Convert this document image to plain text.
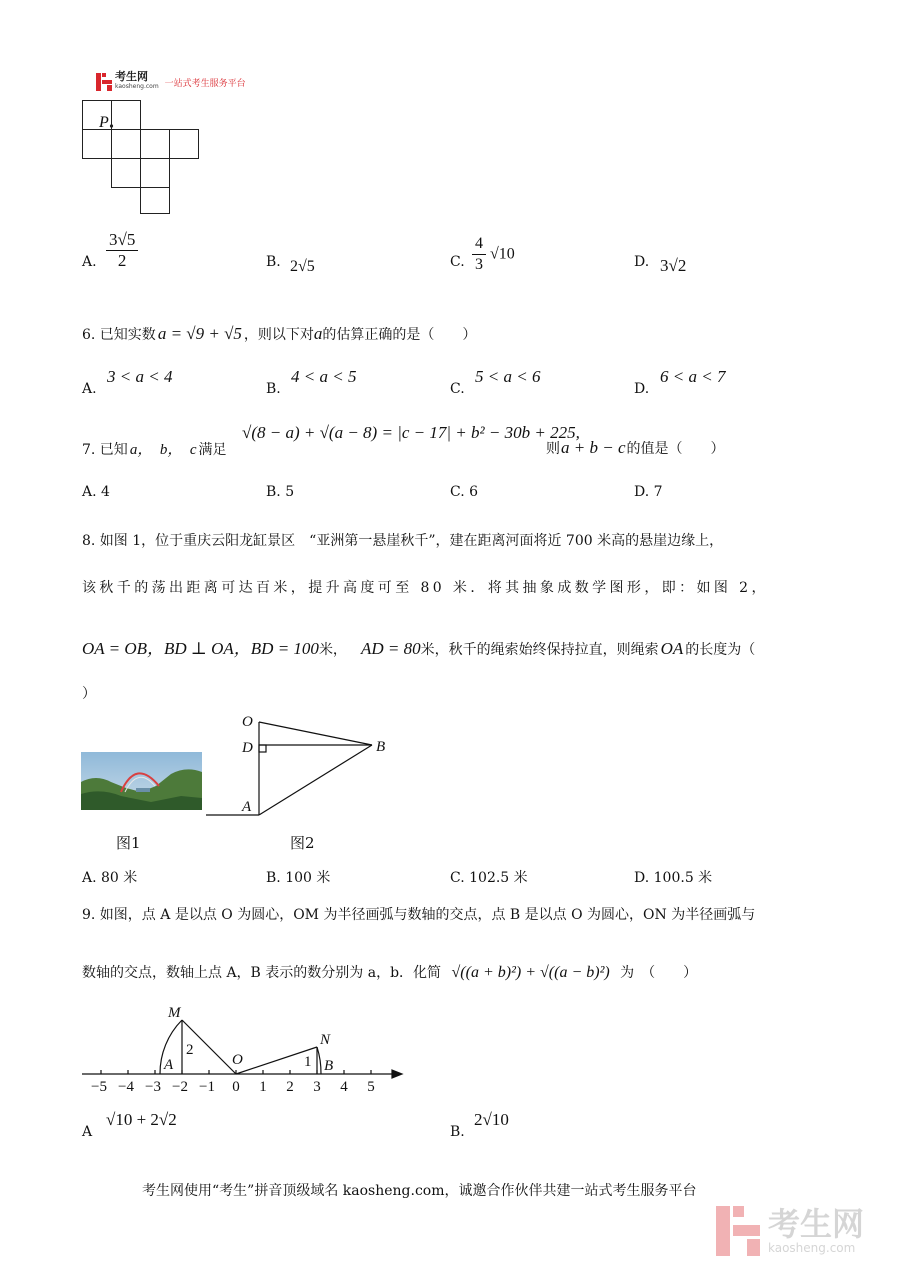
考生网
kaosheng.com 一站式考生服务平台
P
A. $\frac{3√5}{2}$	B. 2√5	C. $\frac{4}{3} √10$	D. 3√2
6. 已知实数 a = √9 + √5 ，则以下对a的估算正确的是（　　）
A.
3 < a < 4
B.
4 < a < 5
C.
5 < a < 6
D.
6 < a < 7
7. 已知 a，　b，　c 满足
√(8 − a) + √(a − 8) = |c − 17| + b² − 30b + 225,
则a + b − c的值是（　　）
A. 4	B. 5	C. 6	D. 7
8. 如图 1，位于重庆云阳龙缸景区　“亚洲第一悬崖秋千”，建在距离河面将近 700 米高的悬崖边缘上，
该秋千的荡出距离可达百米，提升高度可至 80 米．将其抽象成数学图形，即：如图 2，
OA = OB，BD ⊥ OA，BD = 100米， AD = 80米，秋千的绳索始终保持拉直，则绳索 OA 的长度为（
）
O
D	B
A
图1	图2
A. 80 米	B. 100 米	C. 102.5 米	D. 100.5 米
9. 如图，点 A 是以点 O 为圆心，OM 为半径画弧与数轴的交点，点 B 是以点 O 为圆心，ON 为半径画弧与
数轴的交点，数轴上点 A，B 表示的数分别为 a，b．化简 √((a + b)²) + √((a − b)²) 为　（　　）
M
A
2
O	1
N
B
−5 −4 −3 −2 −1 0 1 2 3 4 5
A
√10 + 2√2
B.
2√10
考生网使用“考生”拼音顶级域名 kaosheng.com，诚邀合作伙伴共建一站式考生服务平台
考生网
kaosheng.com
